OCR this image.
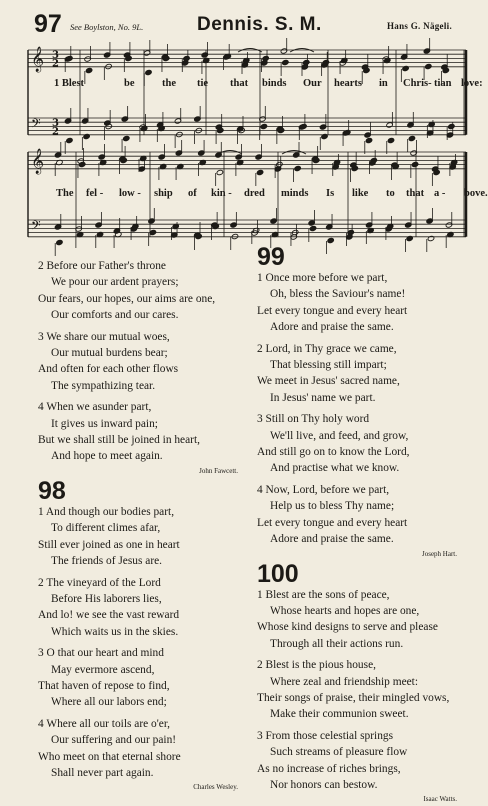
97 See Boylston, No. 9L.	Dennis. S. M.	Hans G. Nägeli.
𝄞
𝄢
𝄞
𝄢
3
2
3
2
1 Blest	be	the tie that binds Our hearts in Chris- tian love:
The fel - low - ship of kin - dred minds Is like to that a - bove.
2 Before our Father's throne
We pour our ardent prayers;
Our fears, our hopes, our aims are one,
Our comforts and our cares.
3 We share our mutual woes,
Our mutual burdens bear;
And often for each other flows
The sympathizing tear.
4 When we asunder part,
It gives us inward pain;
But we shall still be joined in heart,
And hope to meet again.
John Fawcett.
98
1 And though our bodies part,
To different climes afar,
Still ever joined as one in heart
The friends of Jesus are.
2 The vineyard of the Lord
Before His laborers lies,
And lo! we see the vast reward
Which waits us in the skies.
3 O that our heart and mind
May evermore ascend,
That haven of repose to find,
Where all our labors end;
4 Where all our toils are o'er,
Our suffering and our pain!
Who meet on that eternal shore
Shall never part again.
Charles Wesley.
99
1 Once more before we part,
Oh, bless the Saviour's name!
Let every tongue and every heart
Adore and praise the same.
2 Lord, in Thy grace we came,
That blessing still impart;
We meet in Jesus' sacred name,
In Jesus' name we part.
3 Still on Thy holy word
We'll live, and feed, and grow,
And still go on to know the Lord,
And practise what we know.
4 Now, Lord, before we part,
Help us to bless Thy name;
Let every tongue and every heart
Adore and praise the same.
Joseph Hart.
100
1 Blest are the sons of peace,
Whose hearts and hopes are one,
Whose kind designs to serve and please
Through all their actions run.
2 Blest is the pious house,
Where zeal and friendship meet:
Their songs of praise, their mingled vows,
Make their communion sweet.
3 From those celestial springs
Such streams of pleasure flow
As no increase of riches brings,
Nor honors can bestow.
Isaac Watts.
